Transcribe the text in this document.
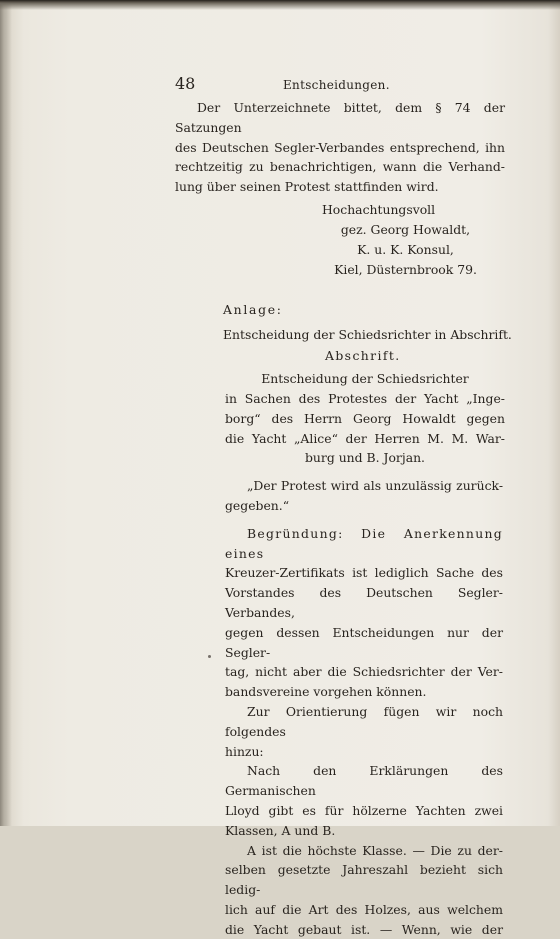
48	Entscheidungen.

Der Unterzeichnete bittet, dem § 74 der Satzungen

des Deutschen Segler-Verbandes entsprechend, ihn

rechtzeitig zu benachrichtigen, wann die Verhand-

lung über seinen Protest stattfinden wird.

Hochachtungsvoll
gez. Georg Howaldt,
K. u. K. Konsul,
Kiel, Düsternbrook 79.
Anlage:
Entscheidung der Schiedsrichter in Abschrift.
Abschrift.

Entscheidung der Schiedsrichter

in Sachen des Protestes der Yacht „Inge-

borg“ des Herrn Georg Howaldt gegen

die Yacht „Alice“ der Herren M. M. War-

burg und B. Jorjan.

„Der Protest wird als unzulässig zurück-

gegeben.“

Begründung: Die Anerkennung eines

Kreuzer-Zertifikats ist lediglich Sache des

Vorstandes des Deutschen Segler-Verbandes,

gegen dessen Entscheidungen nur der Segler-

tag, nicht aber die Schiedsrichter der Ver-

bandsvereine vorgehen können.

Zur Orientierung fügen wir noch folgendes

hinzu:

Nach den Erklärungen des Germanischen

Lloyd gibt es für hölzerne Yachten zwei

Klassen, A und B.

A ist die höchste Klasse. — Die zu der-

selben gesetzte Jahreszahl bezieht sich ledig-

lich auf die Art des Holzes, aus welchem

die Yacht gebaut ist. — Wenn, wie der
